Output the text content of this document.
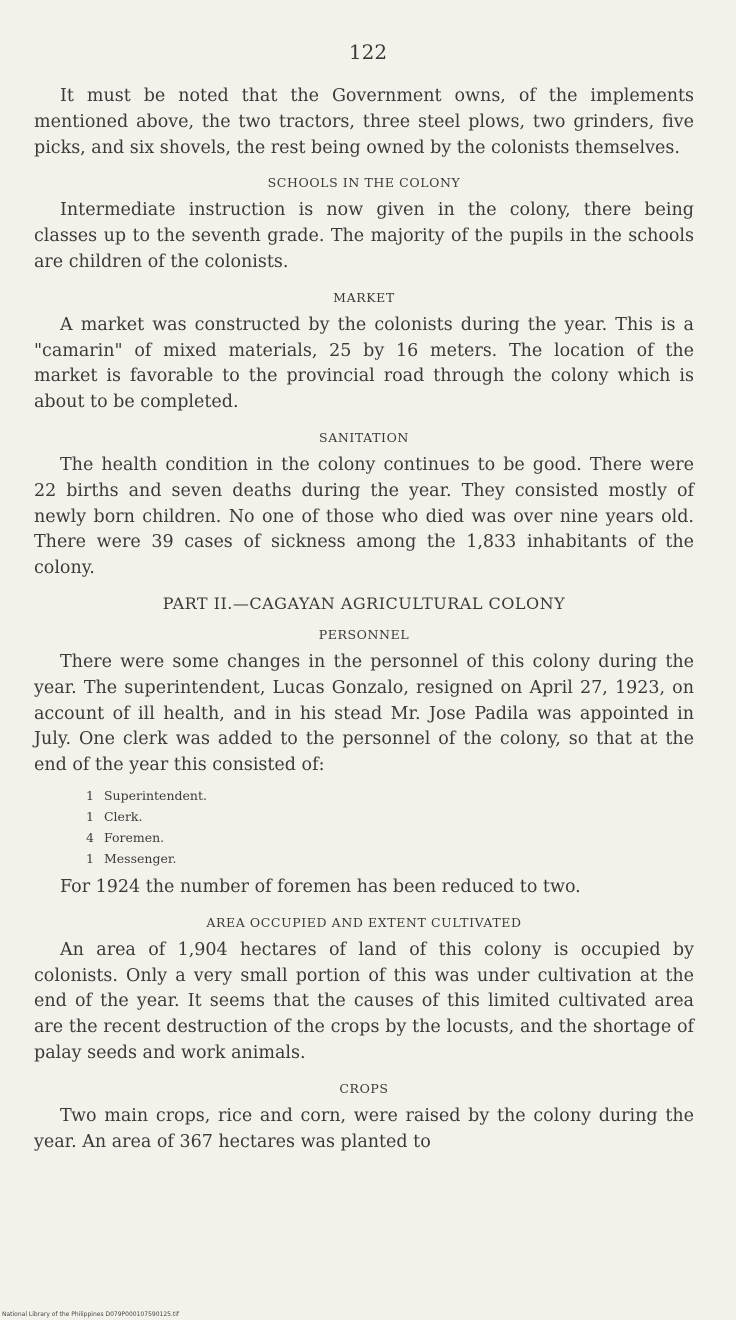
122

It must be noted that the Government owns, of the implements mentioned above, the two tractors, three steel plows, two grinders, five picks, and six shovels, the rest being owned by the colonists themselves.

SCHOOLS IN THE COLONY

Intermediate instruction is now given in the colony, there being classes up to the seventh grade. The majority of the pupils in the schools are children of the colonists.

MARKET

A market was constructed by the colonists during the year. This is a "camarin" of mixed materials, 25 by 16 meters. The location of the market is favorable to the provincial road through the colony which is about to be completed.

SANITATION

The health condition in the colony continues to be good. There were 22 births and seven deaths during the year. They consisted mostly of newly born children. No one of those who died was over nine years old. There were 39 cases of sickness among the 1,833 inhabitants of the colony.

PART II.—CAGAYAN AGRICULTURAL COLONY
PERSONNEL

There were some changes in the personnel of this colony during the year. The superintendent, Lucas Gonzalo, resigned on April 27, 1923, on account of ill health, and in his stead Mr. Jose Padila was appointed in July. One clerk was added to the personnel of the colony, so that at the end of the year this consisted of:

1 Superintendent.
1 Clerk.
4 Foremen.
1 Messenger.

For 1924 the number of foremen has been reduced to two.

AREA OCCUPIED AND EXTENT CULTIVATED

An area of 1,904 hectares of land of this colony is occupied by colonists. Only a very small portion of this was under cultivation at the end of the year. It seems that the causes of this limited cultivated area are the recent destruction of the crops by the locusts, and the shortage of palay seeds and work animals.

CROPS

Two main crops, rice and corn, were raised by the colony during the year. An area of 367 hectares was planted to

National Library of the Philippines D079P000107590125.tif
